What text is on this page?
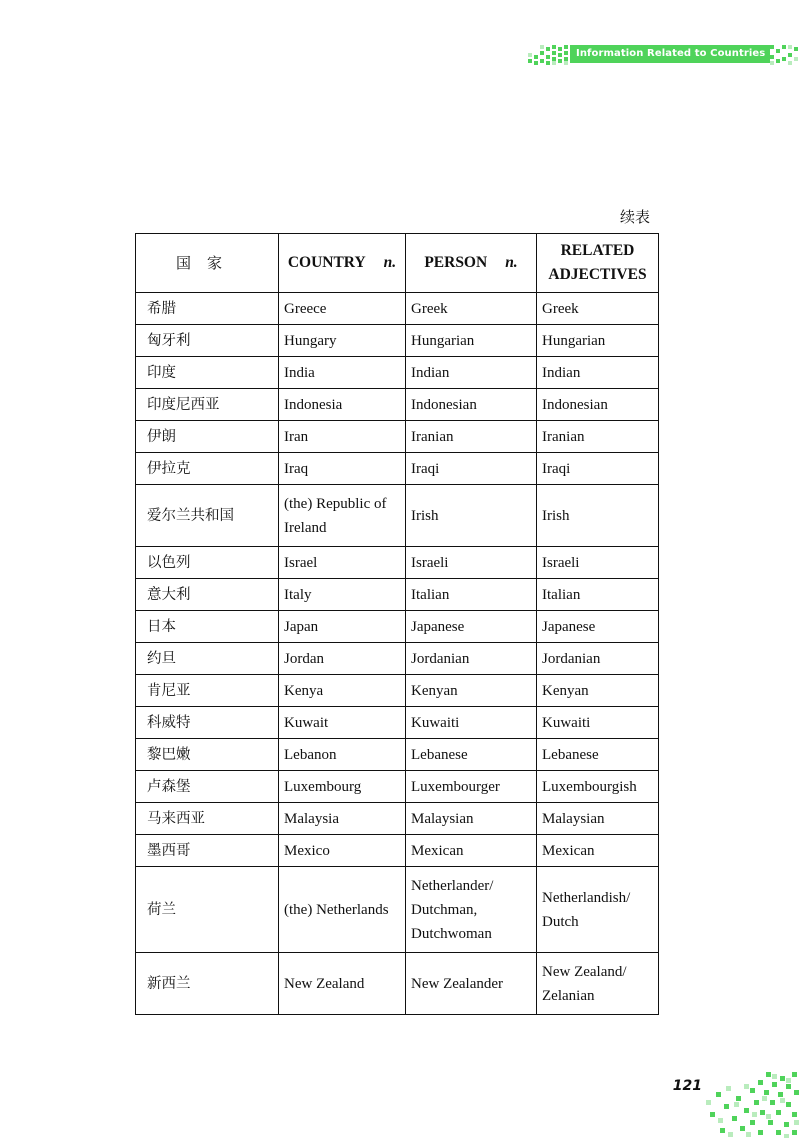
Information Related to Countries
续表
国家	COUNTRY n.	PERSON n.	RELATED
ADJECTIVES
希腊	Greece	Greek	Greek
匈牙利	Hungary	Hungarian	Hungarian
印度	India	Indian	Indian
印度尼西亚	Indonesia	Indonesian	Indonesian
伊朗	Iran	Iranian	Iranian
伊拉克	Iraq	Iraqi	Iraqi
爱尔兰共和国	(the) Republic of Ireland	Irish	Irish
以色列	Israel	Israeli	Israeli
意大利	Italy	Italian	Italian
日本	Japan	Japanese	Japanese
约旦	Jordan	Jordanian	Jordanian
肯尼亚	Kenya	Kenyan	Kenyan
科威特	Kuwait	Kuwaiti	Kuwaiti
黎巴嫩	Lebanon	Lebanese	Lebanese
卢森堡	Luxembourg	Luxembourger	Luxembourgish
马来西亚	Malaysia	Malaysian	Malaysian
墨西哥	Mexico	Mexican	Mexican
荷兰	(the) Netherlands	Netherlander/ Dutchman, Dutchwoman	Netherlandish/ Dutch
新西兰	New Zealand	New Zealander	New Zealand/ Zelanian
121
